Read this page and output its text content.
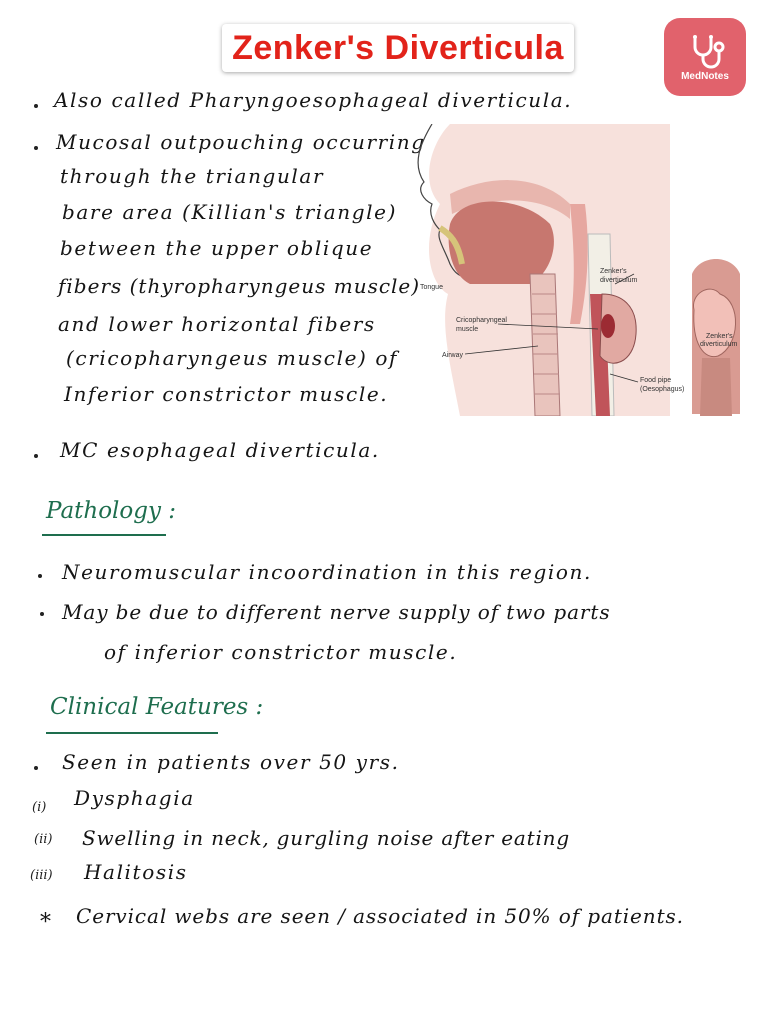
Zenker's Diverticula
MedNotes
Also called Pharyngoesophageal diverticula.
Mucosal outpouching occurring
through the triangular
bare area (Killian's triangle)
between the upper oblique
fibers (thyropharyngeus muscle)
and lower horizontal fibers
(cricopharyngeus muscle) of
Inferior constrictor muscle.
MC esophageal diverticula.
Tongue
Zenker's
diverticulum
Cricopharyngeal
muscle
Airway
Food pipe
(Oesophagus)
Zenker's
diverticulum
Pathology :
Neuromuscular incoordination in this region.
May be due to different nerve supply of two parts
of inferior constrictor muscle.
Clinical Features :
Seen in patients over 50 yrs.
(i) Dysphagia
(ii) Swelling in neck, gurgling noise after eating
(iii) Halitosis
* Cervical webs are seen / associated in 50% of patients.
